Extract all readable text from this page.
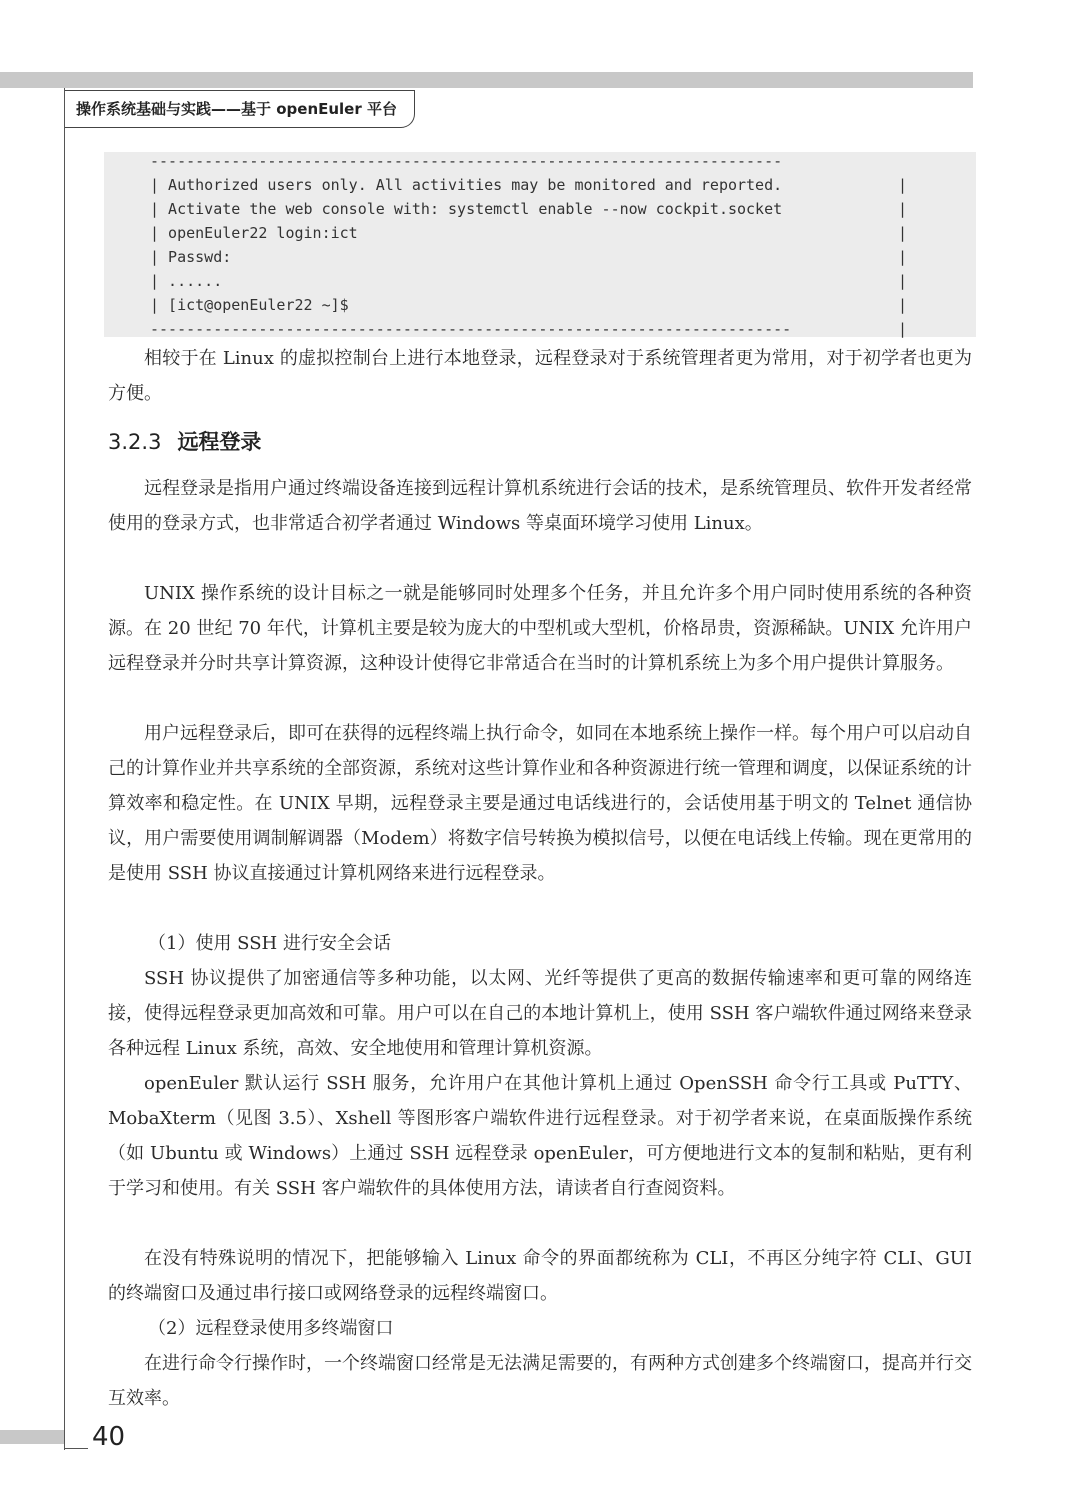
操作系统基础与实践——基于 openEuler 平台
----------------------------------------------------------------------
| Authorized users only. All activities may be monitored and reported.
| Activate the web console with: systemctl enable --now cockpit.socket
| openEuler22 login:ict
| Passwd:
| ......
| [ict@openEuler22 ~]$
-----------------------------------------------------------------------
|
|
|
|
|
|
|

相较于在 Linux 的虚拟控制台上进行本地登录，远程登录对于系统管理者更为常用，对于初学者也更为方便。

3.2.3 远程登录

远程登录是指用户通过终端设备连接到远程计算机系统进行会话的技术，是系统管理员、软件开发者经常使用的登录方式，也非常适合初学者通过 Windows 等桌面环境学习使用 Linux。

UNIX 操作系统的设计目标之一就是能够同时处理多个任务，并且允许多个用户同时使用系统的各种资源。在 20 世纪 70 年代，计算机主要是较为庞大的中型机或大型机，价格昂贵，资源稀缺。UNIX 允许用户远程登录并分时共享计算资源，这种设计使得它非常适合在当时的计算机系统上为多个用户提供计算服务。

用户远程登录后，即可在获得的远程终端上执行命令，如同在本地系统上操作一样。每个用户可以启动自己的计算作业并共享系统的全部资源，系统对这些计算作业和各种资源进行统一管理和调度，以保证系统的计算效率和稳定性。在 UNIX 早期，远程登录主要是通过电话线进行的，会话使用基于明文的 Telnet 通信协议，用户需要使用调制解调器（Modem）将数字信号转换为模拟信号，以便在电话线上传输。现在更常用的是使用 SSH 协议直接通过计算机网络来进行远程登录。

（1）使用 SSH 进行安全会话

SSH 协议提供了加密通信等多种功能，以太网、光纤等提供了更高的数据传输速率和更可靠的网络连接，使得远程登录更加高效和可靠。用户可以在自己的本地计算机上，使用 SSH 客户端软件通过网络来登录各种远程 Linux 系统，高效、安全地使用和管理计算机资源。

openEuler 默认运行 SSH 服务，允许用户在其他计算机上通过 OpenSSH 命令行工具或 PuTTY、MobaXterm（见图 3.5）、Xshell 等图形客户端软件进行远程登录。对于初学者来说，在桌面版操作系统（如 Ubuntu 或 Windows）上通过 SSH 远程登录 openEuler，可方便地进行文本的复制和粘贴，更有利于学习和使用。有关 SSH 客户端软件的具体使用方法，请读者自行查阅资料。

在没有特殊说明的情况下，把能够输入 Linux 命令的界面都统称为 CLI，不再区分纯字符 CLI、GUI 的终端窗口及通过串行接口或网络登录的远程终端窗口。

（2）远程登录使用多终端窗口

在进行命令行操作时，一个终端窗口经常是无法满足需要的，有两种方式创建多个终端窗口，提高并行交互效率。

40
